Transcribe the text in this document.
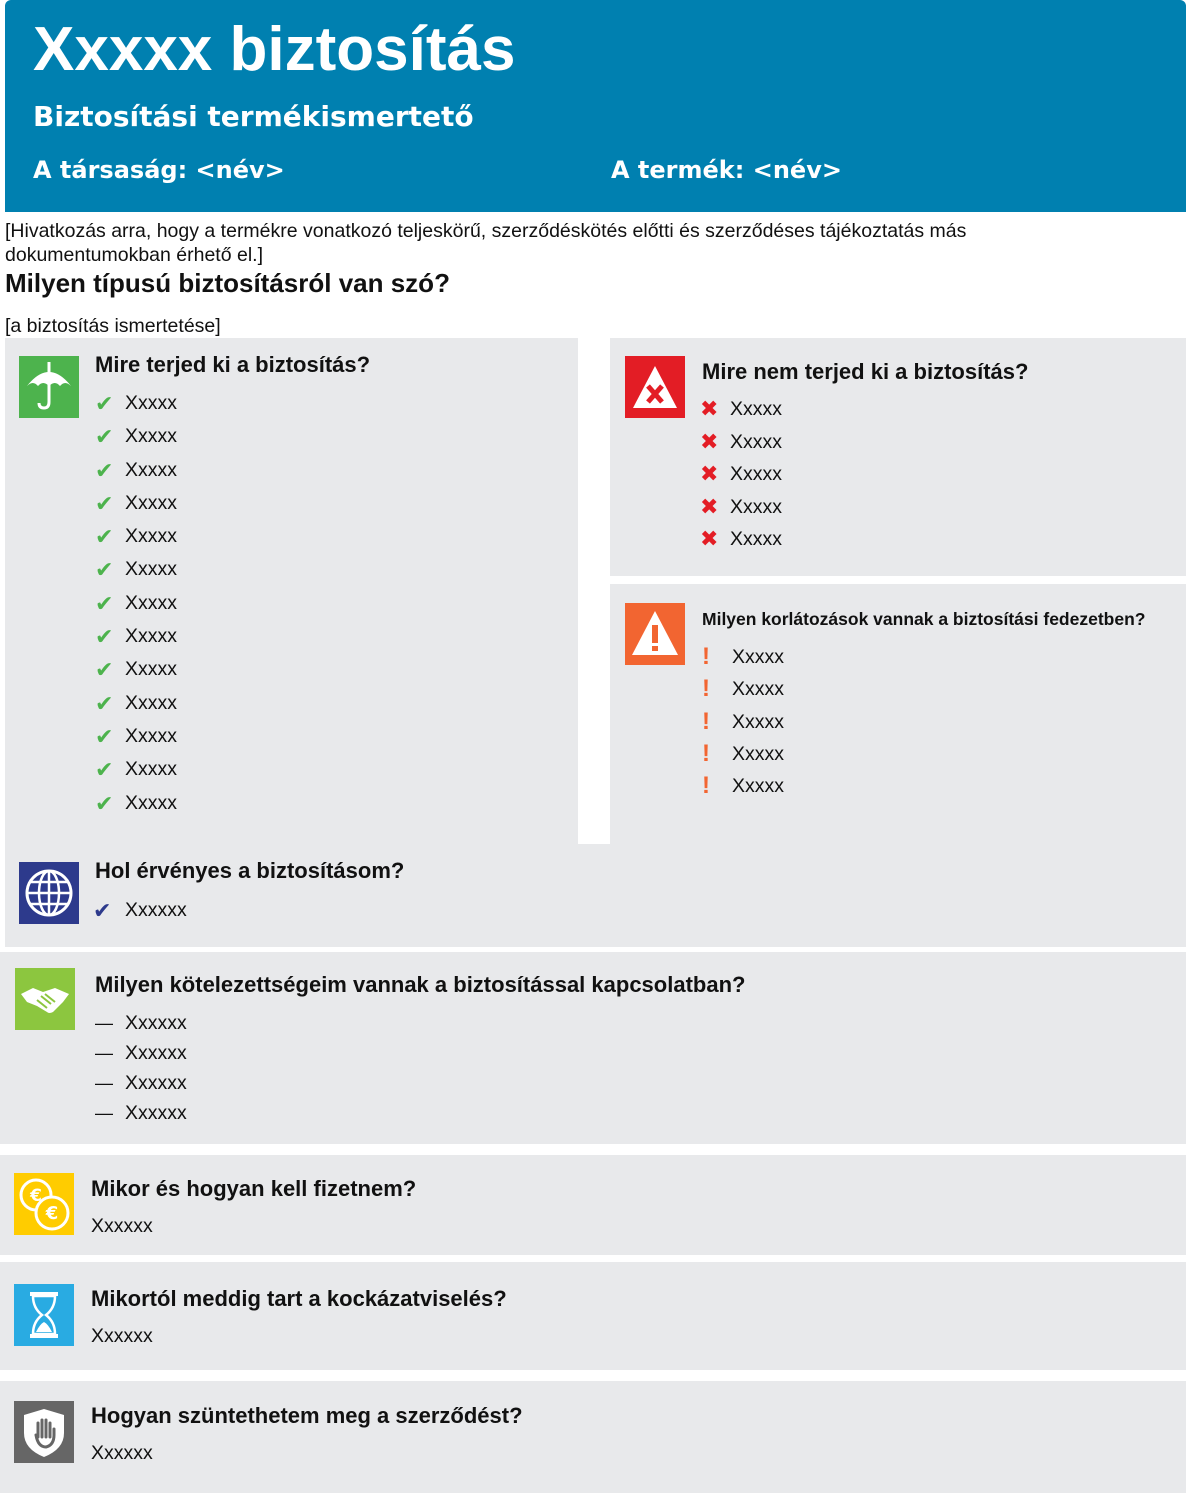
Xxxxx biztosítás
Biztosítási termékismertető
A társaság: <név>	A termék: <név>
[Hivatkozás arra, hogy a termékre vonatkozó teljeskörű, szerződéskötés előtti és szerződéses tájékoztatás más dokumentumokban érhető el.]
Milyen típusú biztosításról van szó?
[a biztosítás ismertetése]
Mire terjed ki a biztosítás?
✔ Xxxxx
✔ Xxxxx
✔ Xxxxx
✔ Xxxxx
✔ Xxxxx
✔ Xxxxx
✔ Xxxxx
✔ Xxxxx
✔ Xxxxx
✔ Xxxxx
✔ Xxxxx
✔ Xxxxx
✔ Xxxxx
Mire nem terjed ki a biztosítás?
✖ Xxxxx
✖ Xxxxx
✖ Xxxxx
✖ Xxxxx
✖ Xxxxx
Milyen korlátozások vannak a biztosítási fedezetben?
!	Xxxxx
!	Xxxxx
!	Xxxxx
!	Xxxxx
!	Xxxxx
Hol érvényes a biztosításom?
✔ Xxxxxx
Milyen kötelezettségeim vannak a biztosítással kapcsolatban?
— Xxxxxx
— Xxxxxx
— Xxxxxx
— Xxxxxx
€
€
Mikor és hogyan kell fizetnem?
Xxxxxx
Mikortól meddig tart a kockázatviselés?
Xxxxxx
Hogyan szüntethetem meg a szerződést?
Xxxxxx
